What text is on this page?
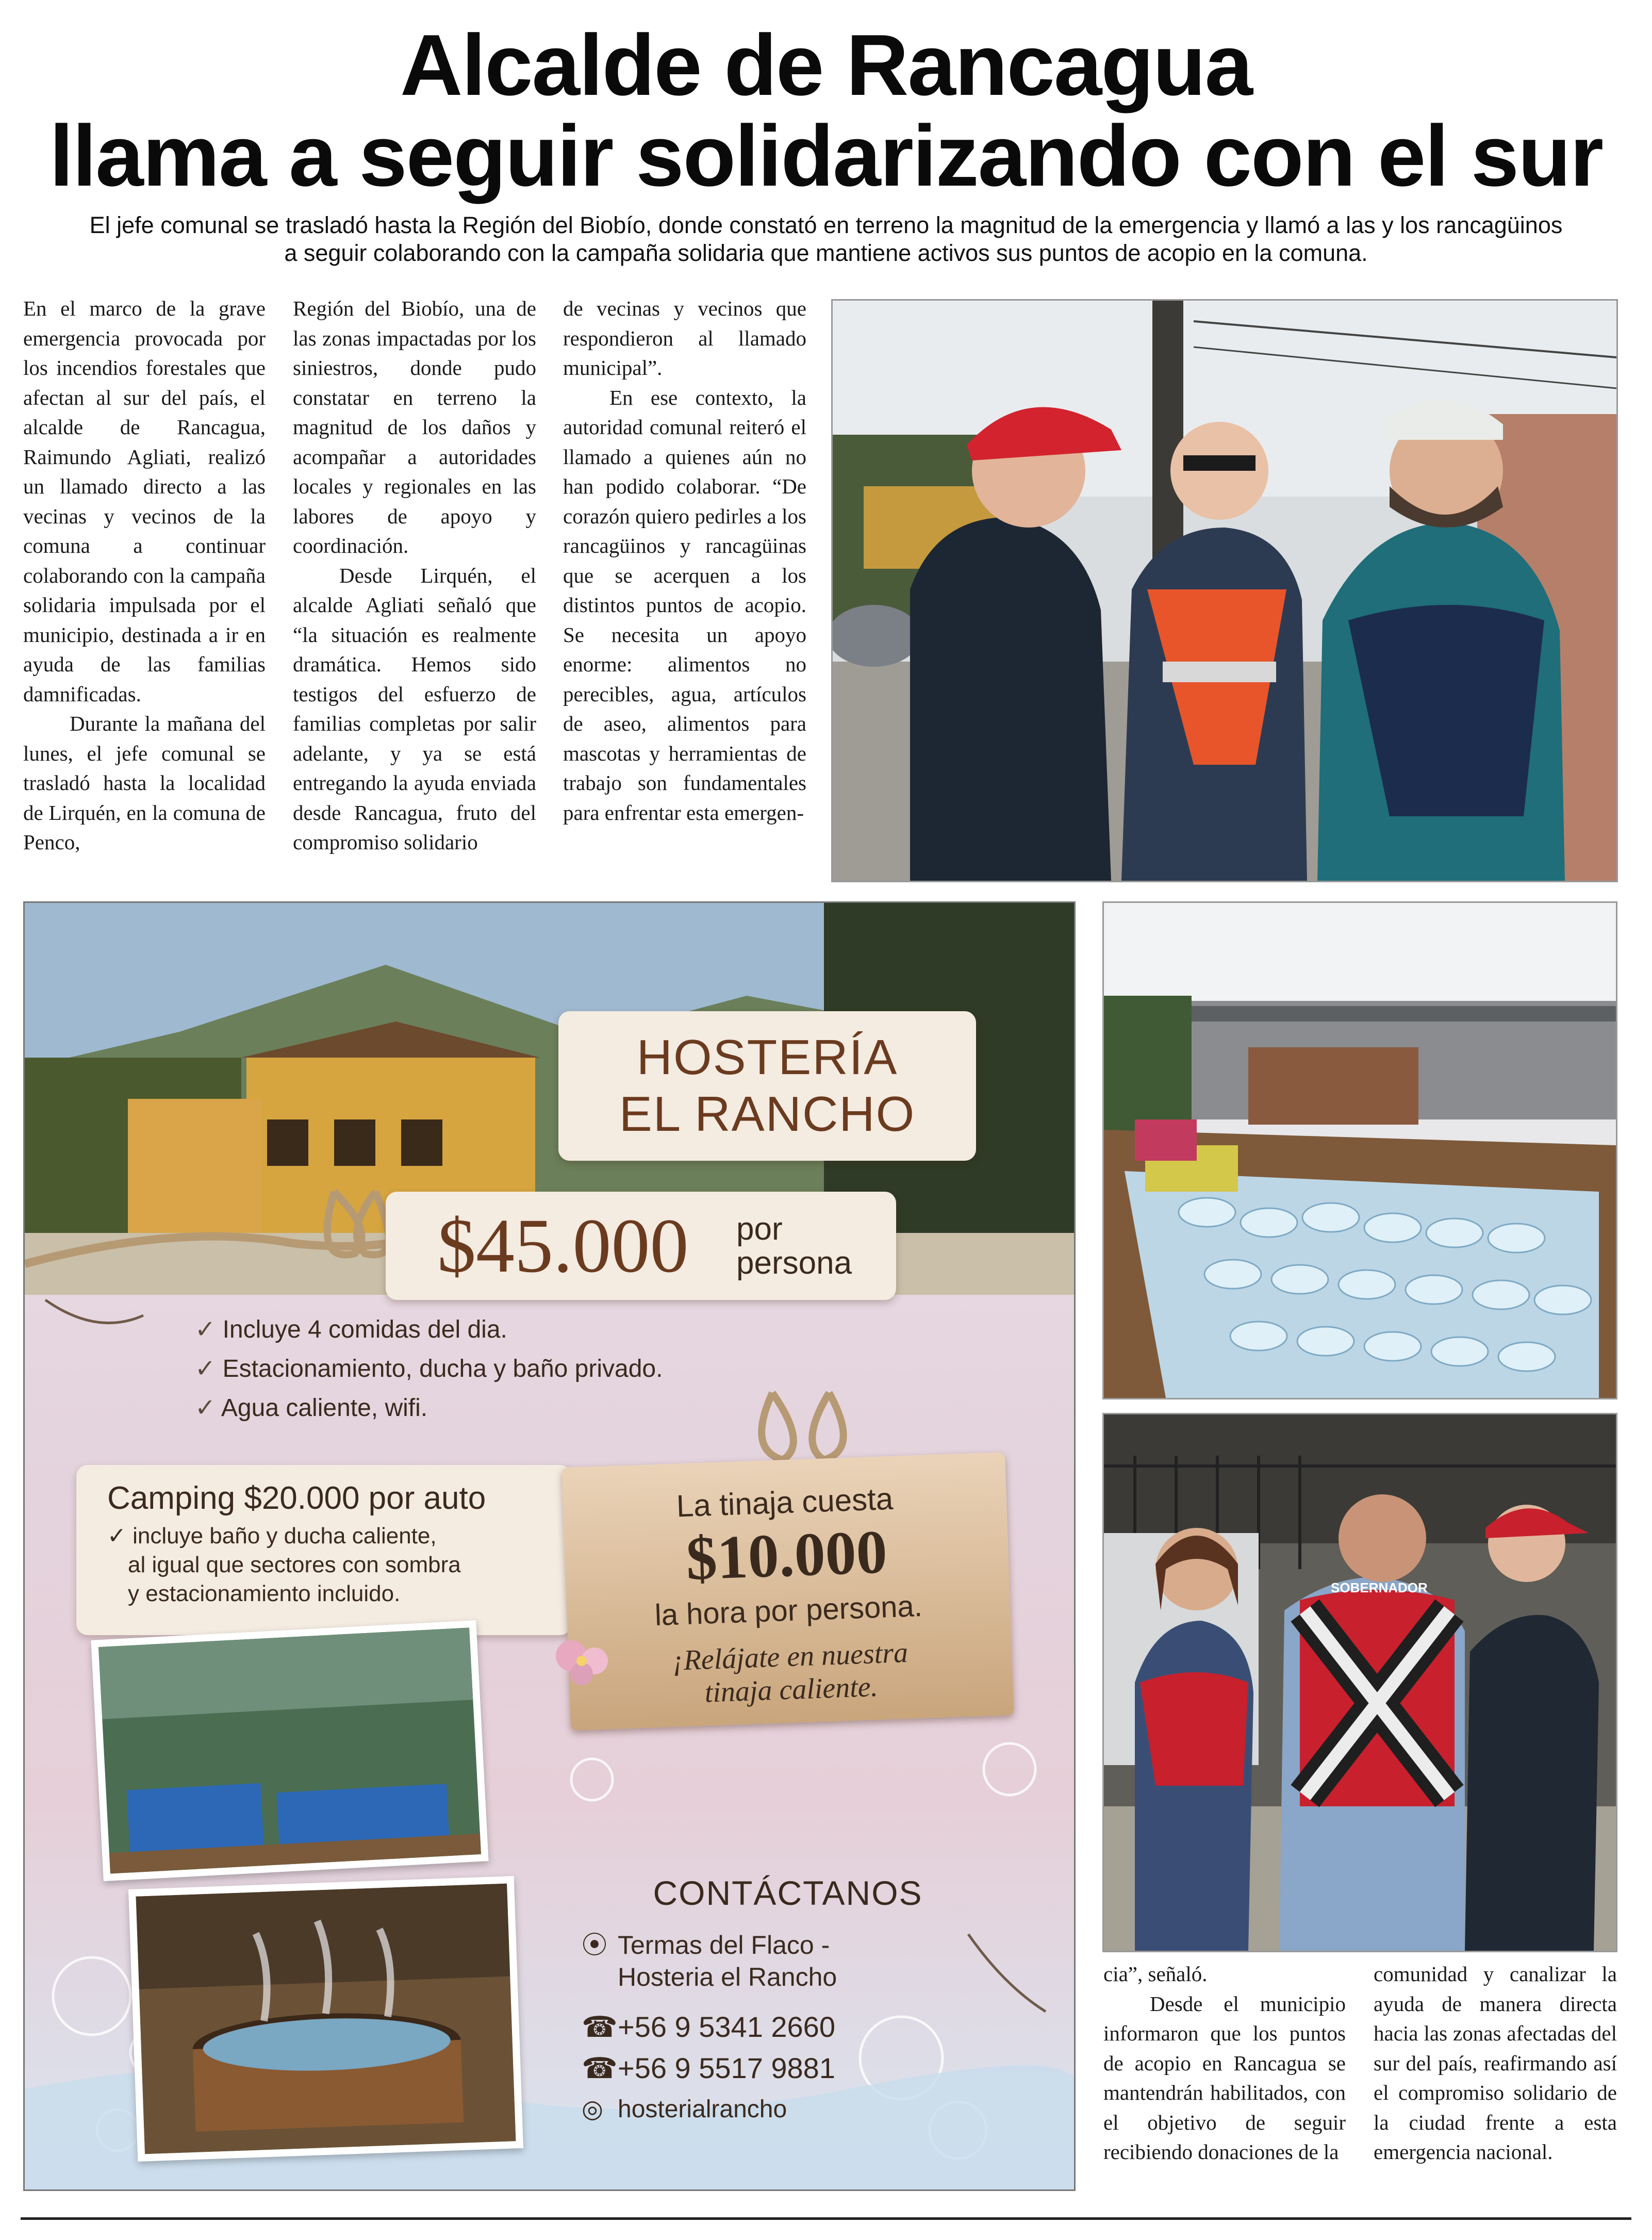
Alcalde de Rancagua
llama a seguir solidarizando con el sur
El jefe comunal se trasladó hasta la Región del Biobío, donde constató en terreno la magnitud de la emergencia y llamó a las y los rancagüinos
a seguir colaborando con la campaña solidaria que mantiene activos sus puntos de acopio en la comuna.

En el marco de la grave emergencia provocada por los incendios forestales que afectan al sur del país, el alcalde de Rancagua, Raimundo Agliati, realizó un llamado directo a las vecinas y vecinos de la comuna a continuar colaborando con la campaña solidaria impulsada por el municipio, destinada a ir en ayuda de las familias damnificadas.

Durante la mañana del lunes, el jefe comunal se trasladó hasta la localidad de Lirquén, en la comuna de Penco,

Región del Biobío, una de las zonas impactadas por los siniestros, donde pudo constatar en terreno la magnitud de los daños y acompañar a autoridades locales y regionales en las labores de apoyo y coordinación.

Desde Lirquén, el alcalde Agliati señaló que “la situación es realmente dramática. Hemos sido testigos del esfuerzo de familias completas por salir adelante, y ya se está entregando la ayuda enviada desde Rancagua, fruto del compromiso solidario

de vecinas y vecinos que respondieron al llamado municipal”.

En ese contexto, la autoridad comunal reiteró el llamado a quienes aún no han podido colaborar. “De corazón quiero pedirles a los rancagüinos y rancagüinas que se acerquen a los distintos puntos de acopio. Se necesita un apoyo enorme: alimentos no perecibles, agua, artículos de aseo, alimentos para mascotas y herramientas de trabajo son fundamentales para enfrentar esta emergen-

cia”, señaló.

Desde el municipio informaron que los puntos de acopio en Rancagua se mantendrán habilitados, con el objetivo de seguir recibiendo donaciones de la

comunidad y canalizar la ayuda de manera directa hacia las zonas afectadas del sur del país, reafirmando así el compromiso solidario de la ciudad frente a esta emergencia nacional.

SOBERNADOR
HOSTERÍA
EL RANCHO
$45.000 por
persona
✓ Incluye 4 comidas del dia.
✓ Estacionamiento, ducha y baño privado.
✓ Agua caliente, wifi.
Camping $20.000 por auto
✓ incluye baño y ducha caliente,
al igual que sectores con sombra
y estacionamiento incluido.
La tinaja cuesta
$10.000
la hora por persona.
¡Relájate en nuestra
tinaja caliente.
CONTÁCTANOS
⦿ Termas del Flaco -
Hosteria el Rancho
☎+56 9 5341 2660
☎+56 9 5517 9881
◎ hosterialrancho
